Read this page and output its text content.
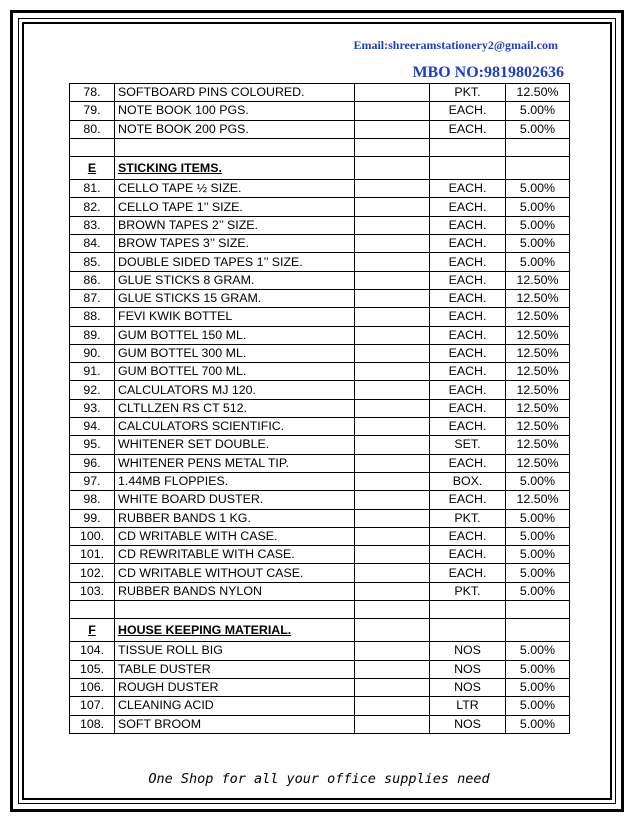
Email:shreeramstationery2@gmail.com
MBO NO:9819802636
78.	SOFTBOARD PINS COLOURED.		PKT.	12.50%
79.	NOTE BOOK 100 PGS.		EACH.	5.00%
80.	NOTE BOOK 200 PGS.		EACH.	5.00%

E	STICKING ITEMS.			
81.	CELLO TAPE ½ SIZE.		EACH.	5.00%
82.	CELLO TAPE 1’’ SIZE.		EACH.	5.00%
83.	BROWN TAPES 2’’ SIZE.		EACH.	5.00%
84.	BROW TAPES 3’’ SIZE.		EACH.	5.00%
85.	DOUBLE SIDED TAPES 1’’ SIZE.		EACH.	5.00%
86.	GLUE STICKS 8 GRAM.		EACH.	12.50%
87.	GLUE STICKS 15 GRAM.		EACH.	12.50%
88.	FEVI KWIK BOTTEL		EACH.	12.50%
89.	GUM BOTTEL 150 ML.		EACH.	12.50%
90.	GUM BOTTEL 300 ML.		EACH.	12.50%
91.	GUM BOTTEL 700 ML.		EACH.	12.50%
92.	CALCULATORS MJ 120.		EACH.	12.50%
93.	CLTLLZEN RS CT 512.		EACH.	12.50%
94.	CALCULATORS SCIENTIFIC.		EACH.	12.50%
95.	WHITENER SET DOUBLE.		SET.	12.50%
96.	WHITENER PENS METAL TIP.		EACH.	12.50%
97.	1.44MB FLOPPIES.		BOX.	5.00%
98.	WHITE BOARD DUSTER.		EACH.	12.50%
99.	RUBBER BANDS 1 KG.		PKT.	5.00%
100.	CD WRITABLE WITH CASE.		EACH.	5.00%
101.	CD REWRITABLE WITH CASE.		EACH.	5.00%
102.	CD WRITABLE WITHOUT CASE.		EACH.	5.00%
103.	RUBBER BANDS NYLON		PKT.	5.00%

F	HOUSE KEEPING MATERIAL.			
104.	TISSUE ROLL BIG		NOS	5.00%
105.	TABLE DUSTER		NOS	5.00%
106.	ROUGH DUSTER		NOS	5.00%
107.	CLEANING ACID		LTR	5.00%
108.	SOFT BROOM		NOS	5.00%
One Shop for all your office supplies need
